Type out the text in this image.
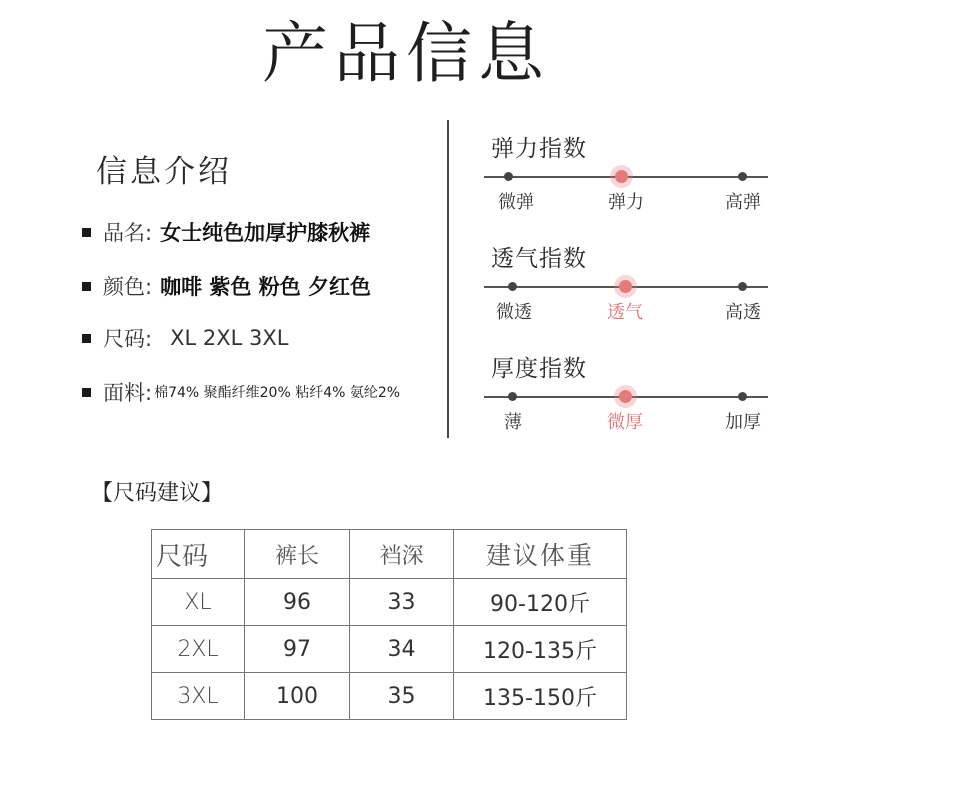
产品信息
信息介绍
品名: 女士纯色加厚护膝秋裤
颜色: 咖啡 紫色 粉色 夕红色
尺码: XL 2XL 3XL
面料: 棉74% 聚酯纤维20% 粘纤4% 氨纶2%
弹力指数
微弹	弹力	高弹
透气指数
微透	透气	高透
厚度指数
薄	微厚	加厚
【尺码建议】
尺码	裤长	裆深	建议体重
XL	96	33	90-120斤
2XL	97	34	120-135斤
3XL	100	35	135-150斤
